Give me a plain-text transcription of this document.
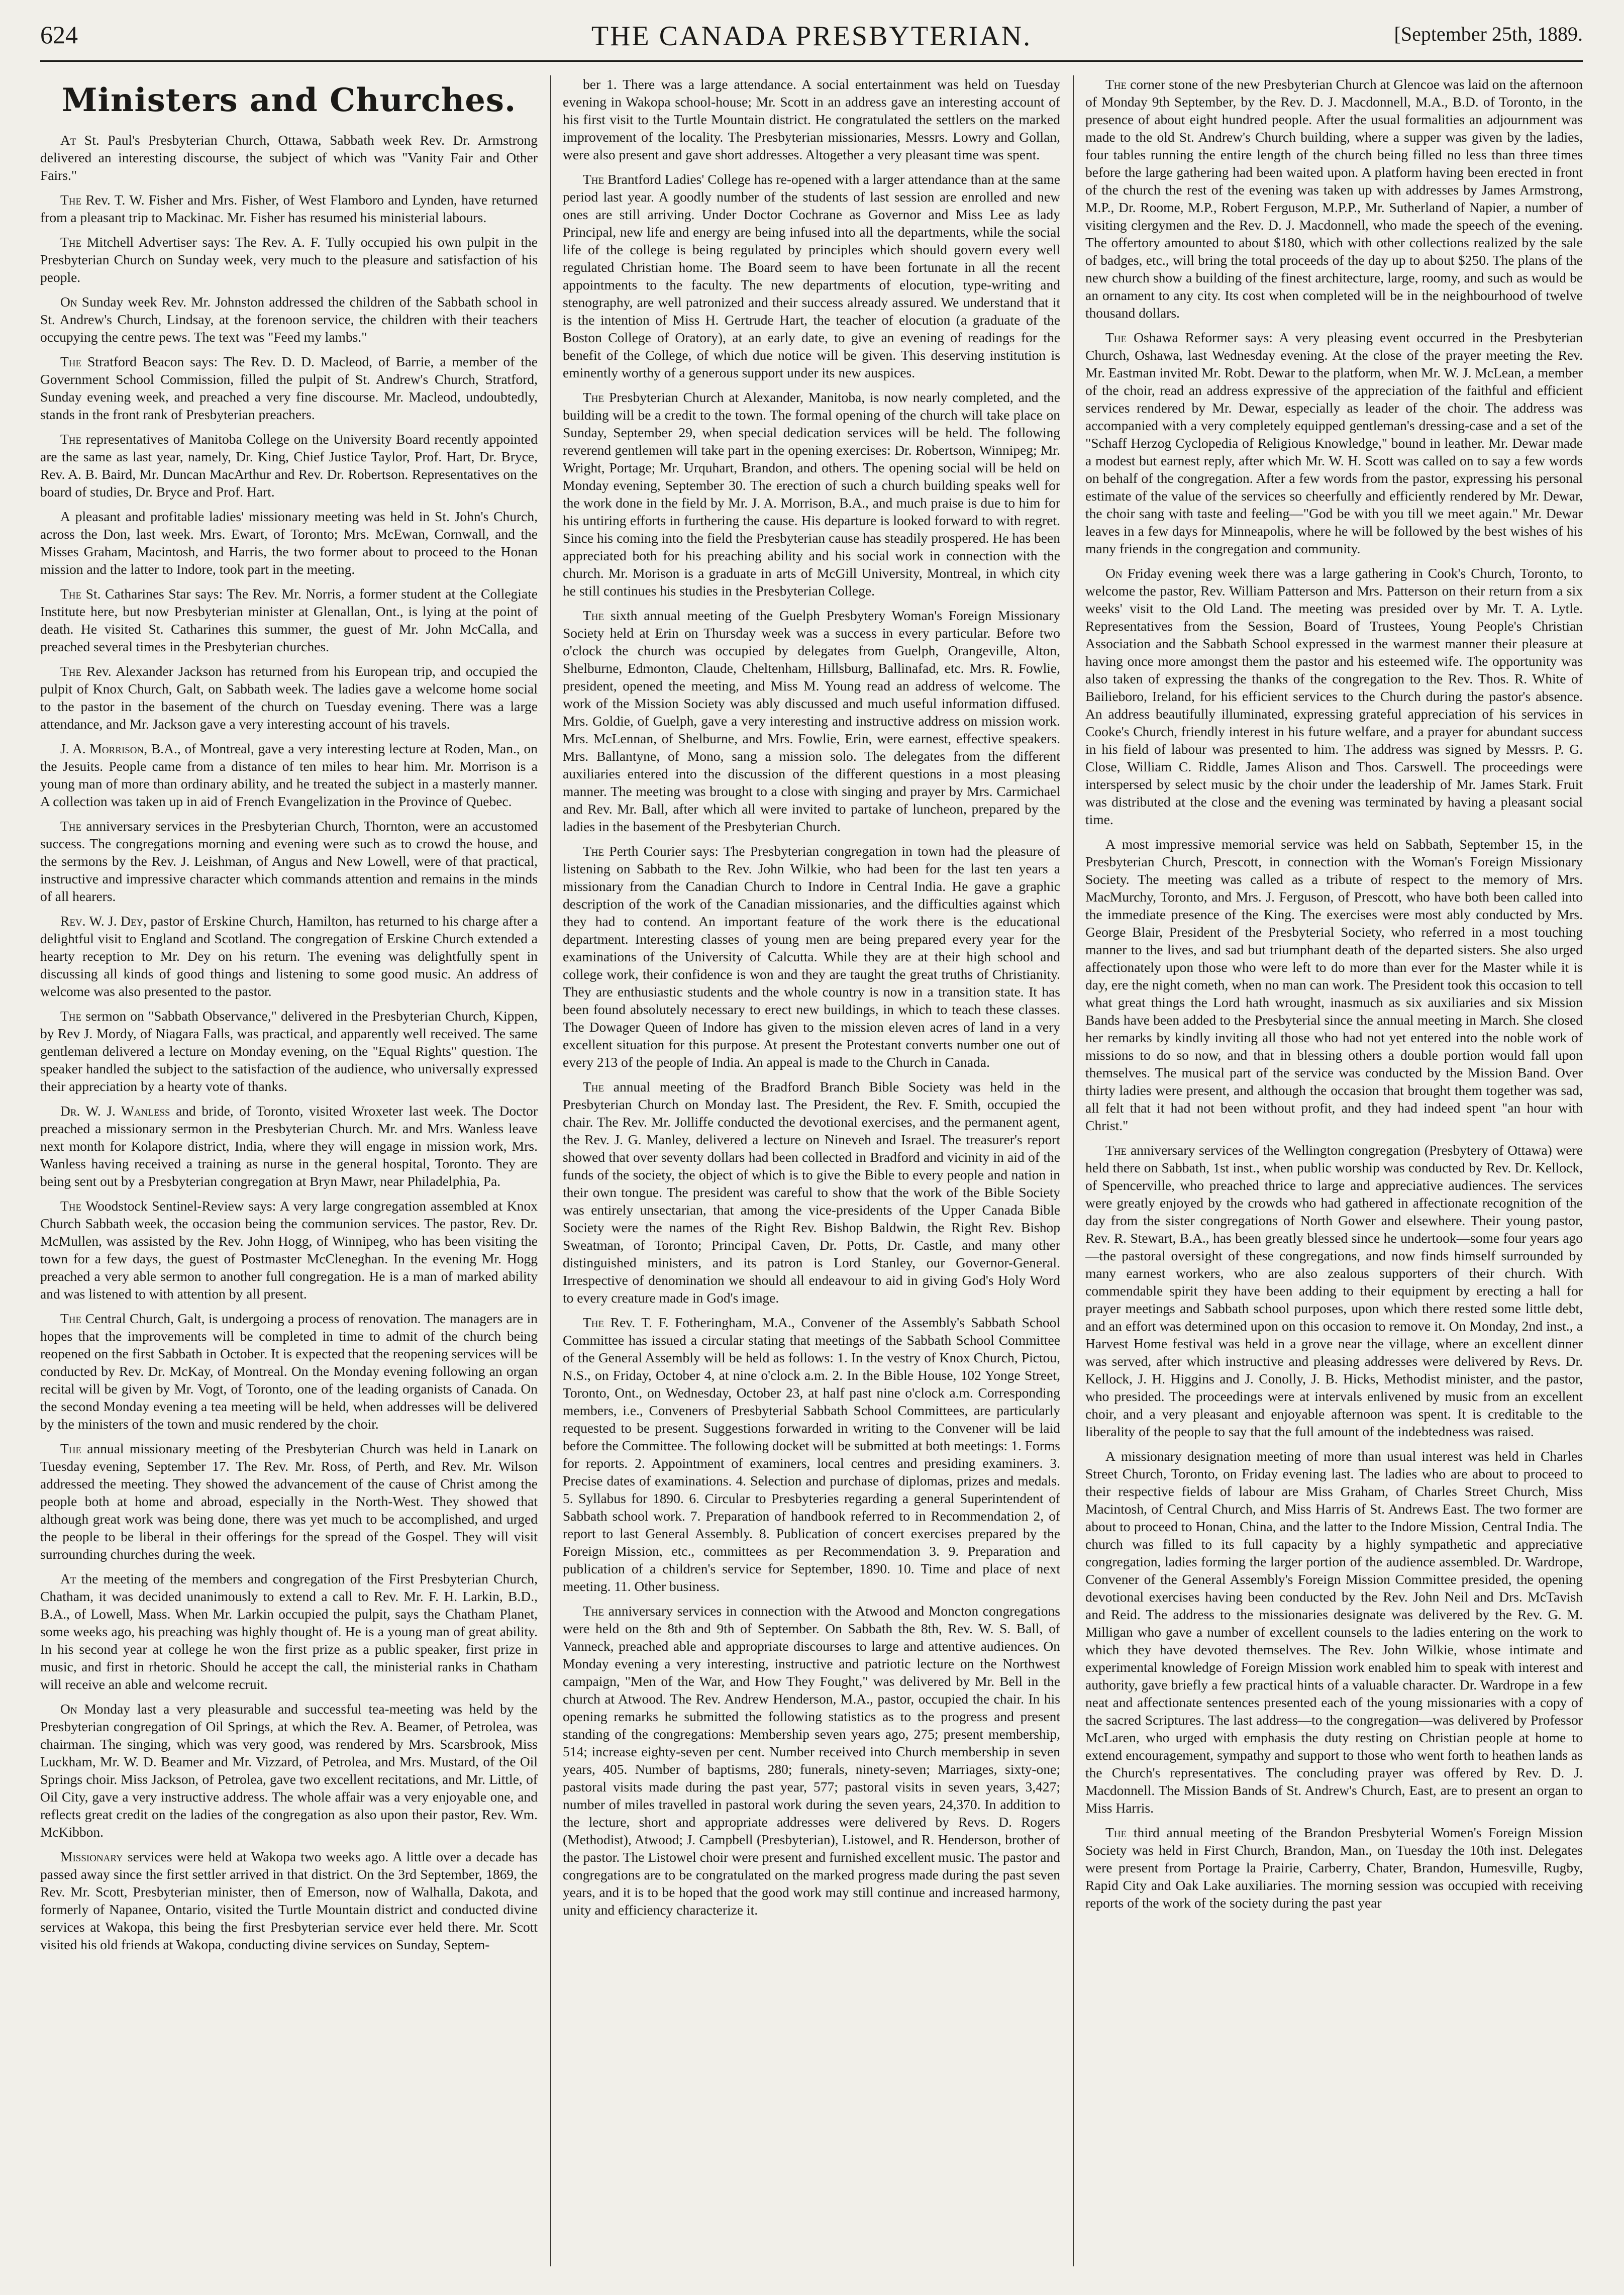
624	THE CANADA PRESBYTERIAN.	[September 25th, 1889.
Ministers and Churches.

At St. Paul's Presbyterian Church, Ottawa, Sabbath week Rev. Dr. Armstrong delivered an interesting discourse, the subject of which was "Vanity Fair and Other Fairs."

The Rev. T. W. Fisher and Mrs. Fisher, of West Flamboro and Lynden, have returned from a pleasant trip to Mackinac. Mr. Fisher has resumed his ministerial labours.

The Mitchell Advertiser says: The Rev. A. F. Tully occupied his own pulpit in the Presbyterian Church on Sunday week, very much to the pleasure and satisfaction of his people.

On Sunday week Rev. Mr. Johnston addressed the children of the Sabbath school in St. Andrew's Church, Lindsay, at the forenoon service, the children with their teachers occupying the centre pews. The text was "Feed my lambs."

The Stratford Beacon says: The Rev. D. D. Macleod, of Barrie, a member of the Government School Commission, filled the pulpit of St. Andrew's Church, Stratford, Sunday evening week, and preached a very fine discourse. Mr. Macleod, undoubtedly, stands in the front rank of Presbyterian preachers.

The representatives of Manitoba College on the University Board recently appointed are the same as last year, namely, Dr. King, Chief Justice Taylor, Prof. Hart, Dr. Bryce, Rev. A. B. Baird, Mr. Duncan MacArthur and Rev. Dr. Robertson. Representatives on the board of studies, Dr. Bryce and Prof. Hart.

A pleasant and profitable ladies' missionary meeting was held in St. John's Church, across the Don, last week. Mrs. Ewart, of Toronto; Mrs. McEwan, Cornwall, and the Misses Graham, Macintosh, and Harris, the two former about to proceed to the Honan mission and the latter to Indore, took part in the meeting.

The St. Catharines Star says: The Rev. Mr. Norris, a former student at the Collegiate Institute here, but now Presbyterian minister at Glenallan, Ont., is lying at the point of death. He visited St. Catharines this summer, the guest of Mr. John McCalla, and preached several times in the Presbyterian churches.

The Rev. Alexander Jackson has returned from his European trip, and occupied the pulpit of Knox Church, Galt, on Sabbath week. The ladies gave a welcome home social to the pastor in the basement of the church on Tuesday evening. There was a large attendance, and Mr. Jackson gave a very interesting account of his travels.

J. A. Morrison, B.A., of Montreal, gave a very interesting lecture at Roden, Man., on the Jesuits. People came from a distance of ten miles to hear him. Mr. Morrison is a young man of more than ordinary ability, and he treated the subject in a masterly manner. A collection was taken up in aid of French Evangelization in the Province of Quebec.

The anniversary services in the Presbyterian Church, Thornton, were an accustomed success. The congregations morning and evening were such as to crowd the house, and the sermons by the Rev. J. Leishman, of Angus and New Lowell, were of that practical, instructive and impressive character which commands attention and remains in the minds of all hearers.

Rev. W. J. Dey, pastor of Erskine Church, Hamilton, has returned to his charge after a delightful visit to England and Scotland. The congregation of Erskine Church extended a hearty reception to Mr. Dey on his return. The evening was delightfully spent in discussing all kinds of good things and listening to some good music. An address of welcome was also presented to the pastor.

The sermon on "Sabbath Observance," delivered in the Presbyterian Church, Kippen, by Rev J. Mordy, of Niagara Falls, was practical, and apparently well received. The same gentleman delivered a lecture on Monday evening, on the "Equal Rights" question. The speaker handled the subject to the satisfaction of the audience, who universally expressed their appreciation by a hearty vote of thanks.

Dr. W. J. Wanless and bride, of Toronto, visited Wroxeter last week. The Doctor preached a missionary sermon in the Presbyterian Church. Mr. and Mrs. Wanless leave next month for Kolapore district, India, where they will engage in mission work, Mrs. Wanless having received a training as nurse in the general hospital, Toronto. They are being sent out by a Presbyterian congregation at Bryn Mawr, near Philadelphia, Pa.

The Woodstock Sentinel-Review says: A very large congregation assembled at Knox Church Sabbath week, the occasion being the communion services. The pastor, Rev. Dr. McMullen, was assisted by the Rev. John Hogg, of Winnipeg, who has been visiting the town for a few days, the guest of Postmaster McCleneghan. In the evening Mr. Hogg preached a very able sermon to another full congregation. He is a man of marked ability and was listened to with attention by all present.

The Central Church, Galt, is undergoing a process of renovation. The managers are in hopes that the improvements will be completed in time to admit of the church being reopened on the first Sabbath in October. It is expected that the reopening services will be conducted by Rev. Dr. McKay, of Montreal. On the Monday evening following an organ recital will be given by Mr. Vogt, of Toronto, one of the leading organists of Canada. On the second Monday evening a tea meeting will be held, when addresses will be delivered by the ministers of the town and music rendered by the choir.

The annual missionary meeting of the Presbyterian Church was held in Lanark on Tuesday evening, September 17. The Rev. Mr. Ross, of Perth, and Rev. Mr. Wilson addressed the meeting. They showed the advancement of the cause of Christ among the people both at home and abroad, especially in the North-West. They showed that although great work was being done, there was yet much to be accomplished, and urged the people to be liberal in their offerings for the spread of the Gospel. They will visit surrounding churches during the week.

At the meeting of the members and congregation of the First Presbyterian Church, Chatham, it was decided unanimously to extend a call to Rev. Mr. F. H. Larkin, B.D., B.A., of Lowell, Mass. When Mr. Larkin occupied the pulpit, says the Chatham Planet, some weeks ago, his preaching was highly thought of. He is a young man of great ability. In his second year at college he won the first prize as a public speaker, first prize in music, and first in rhetoric. Should he accept the call, the ministerial ranks in Chatham will receive an able and welcome recruit.

On Monday last a very pleasurable and successful tea-meeting was held by the Presbyterian congregation of Oil Springs, at which the Rev. A. Beamer, of Petrolea, was chairman. The singing, which was very good, was rendered by Mrs. Scarsbrook, Miss Luckham, Mr. W. D. Beamer and Mr. Vizzard, of Petrolea, and Mrs. Mustard, of the Oil Springs choir. Miss Jackson, of Petrolea, gave two excellent recitations, and Mr. Little, of Oil City, gave a very instructive address. The whole affair was a very enjoyable one, and reflects great credit on the ladies of the congregation as also upon their pastor, Rev. Wm. McKibbon.

Missionary services were held at Wakopa two weeks ago. A little over a decade has passed away since the first settler arrived in that district. On the 3rd September, 1869, the Rev. Mr. Scott, Presbyterian minister, then of Emerson, now of Walhalla, Dakota, and formerly of Napanee, Ontario, visited the Turtle Mountain district and conducted divine services at Wakopa, this being the first Presbyterian service ever held there. Mr. Scott visited his old friends at Wakopa, conducting divine services on Sunday, Septem-

ber 1. There was a large attendance. A social entertainment was held on Tuesday evening in Wakopa school-house; Mr. Scott in an address gave an interesting account of his first visit to the Turtle Mountain district. He congratulated the settlers on the marked improvement of the locality. The Presbyterian missionaries, Messrs. Lowry and Gollan, were also present and gave short addresses. Altogether a very pleasant time was spent.

The Brantford Ladies' College has re-opened with a larger attendance than at the same period last year. A goodly number of the students of last session are enrolled and new ones are still arriving. Under Doctor Cochrane as Governor and Miss Lee as lady Principal, new life and energy are being infused into all the departments, while the social life of the college is being regulated by principles which should govern every well regulated Christian home. The Board seem to have been fortunate in all the recent appointments to the faculty. The new departments of elocution, type-writing and stenography, are well patronized and their success already assured. We understand that it is the intention of Miss H. Gertrude Hart, the teacher of elocution (a graduate of the Boston College of Oratory), at an early date, to give an evening of readings for the benefit of the College, of which due notice will be given. This deserving institution is eminently worthy of a generous support under its new auspices.

The Presbyterian Church at Alexander, Manitoba, is now nearly completed, and the building will be a credit to the town. The formal opening of the church will take place on Sunday, September 29, when special dedication services will be held. The following reverend gentlemen will take part in the opening exercises: Dr. Robertson, Winnipeg; Mr. Wright, Portage; Mr. Urquhart, Brandon, and others. The opening social will be held on Monday evening, September 30. The erection of such a church building speaks well for the work done in the field by Mr. J. A. Morrison, B.A., and much praise is due to him for his untiring efforts in furthering the cause. His departure is looked forward to with regret. Since his coming into the field the Presbyterian cause has steadily prospered. He has been appreciated both for his preaching ability and his social work in connection with the church. Mr. Morison is a graduate in arts of McGill University, Montreal, in which city he still continues his studies in the Presbyterian College.

The sixth annual meeting of the Guelph Presbytery Woman's Foreign Missionary Society held at Erin on Thursday week was a success in every particular. Before two o'clock the church was occupied by delegates from Guelph, Orangeville, Alton, Shelburne, Edmonton, Claude, Cheltenham, Hillsburg, Ballinafad, etc. Mrs. R. Fowlie, president, opened the meeting, and Miss M. Young read an address of welcome. The work of the Mission Society was ably discussed and much useful information diffused. Mrs. Goldie, of Guelph, gave a very interesting and instructive address on mission work. Mrs. McLennan, of Shelburne, and Mrs. Fowlie, Erin, were earnest, effective speakers. Mrs. Ballantyne, of Mono, sang a mission solo. The delegates from the different auxiliaries entered into the discussion of the different questions in a most pleasing manner. The meeting was brought to a close with singing and prayer by Mrs. Carmichael and Rev. Mr. Ball, after which all were invited to partake of luncheon, prepared by the ladies in the basement of the Presbyterian Church.

The Perth Courier says: The Presbyterian congregation in town had the pleasure of listening on Sabbath to the Rev. John Wilkie, who had been for the last ten years a missionary from the Canadian Church to Indore in Central India. He gave a graphic description of the work of the Canadian missionaries, and the difficulties against which they had to contend. An important feature of the work there is the educational department. Interesting classes of young men are being prepared every year for the examinations of the University of Calcutta. While they are at their high school and college work, their confidence is won and they are taught the great truths of Christianity. They are enthusiastic students and the whole country is now in a transition state. It has been found absolutely necessary to erect new buildings, in which to teach these classes. The Dowager Queen of Indore has given to the mission eleven acres of land in a very excellent situation for this purpose. At present the Protestant converts number one out of every 213 of the people of India. An appeal is made to the Church in Canada.

The annual meeting of the Bradford Branch Bible Society was held in the Presbyterian Church on Monday last. The President, the Rev. F. Smith, occupied the chair. The Rev. Mr. Jolliffe conducted the devotional exercises, and the permanent agent, the Rev. J. G. Manley, delivered a lecture on Nineveh and Israel. The treasurer's report showed that over seventy dollars had been collected in Bradford and vicinity in aid of the funds of the society, the object of which is to give the Bible to every people and nation in their own tongue. The president was careful to show that the work of the Bible Society was entirely unsectarian, that among the vice-presidents of the Upper Canada Bible Society were the names of the Right Rev. Bishop Baldwin, the Right Rev. Bishop Sweatman, of Toronto; Principal Caven, Dr. Potts, Dr. Castle, and many other distinguished ministers, and its patron is Lord Stanley, our Governor-General. Irrespective of denomination we should all endeavour to aid in giving God's Holy Word to every creature made in God's image.

The Rev. T. F. Fotheringham, M.A., Convener of the Assembly's Sabbath School Committee has issued a circular stating that meetings of the Sabbath School Committee of the General Assembly will be held as follows: 1. In the vestry of Knox Church, Pictou, N.S., on Friday, October 4, at nine o'clock a.m. 2. In the Bible House, 102 Yonge Street, Toronto, Ont., on Wednesday, October 23, at half past nine o'clock a.m. Corresponding members, i.e., Conveners of Presbyterial Sabbath School Committees, are particularly requested to be present. Suggestions forwarded in writing to the Convener will be laid before the Committee. The following docket will be submitted at both meetings: 1. Forms for reports. 2. Appointment of examiners, local centres and presiding examiners. 3. Precise dates of examinations. 4. Selection and purchase of diplomas, prizes and medals. 5. Syllabus for 1890. 6. Circular to Presbyteries regarding a general Superintendent of Sabbath school work. 7. Preparation of handbook referred to in Recommendation 2, of report to last General Assembly. 8. Publication of concert exercises prepared by the Foreign Mission, etc., committees as per Recommendation 3. 9. Preparation and publication of a children's service for September, 1890. 10. Time and place of next meeting. 11. Other business.

The anniversary services in connection with the Atwood and Moncton congregations were held on the 8th and 9th of September. On Sabbath the 8th, Rev. W. S. Ball, of Vanneck, preached able and appropriate discourses to large and attentive audiences. On Monday evening a very interesting, instructive and patriotic lecture on the Northwest campaign, "Men of the War, and How They Fought," was delivered by Mr. Bell in the church at Atwood. The Rev. Andrew Henderson, M.A., pastor, occupied the chair. In his opening remarks he submitted the following statistics as to the progress and present standing of the congregations: Membership seven years ago, 275; present membership, 514; increase eighty-seven per cent. Number received into Church membership in seven years, 405. Number of baptisms, 280; funerals, ninety-seven; Marriages, sixty-one; pastoral visits made during the past year, 577; pastoral visits in seven years, 3,427; number of miles travelled in pastoral work during the seven years, 24,370. In addition to the lecture, short and appropriate addresses were delivered by Revs. D. Rogers (Methodist), Atwood; J. Campbell (Presbyterian), Listowel, and R. Henderson, brother of the pastor. The Listowel choir were present and furnished excellent music. The pastor and congregations are to be congratulated on the marked progress made during the past seven years, and it is to be hoped that the good work may still continue and increased harmony, unity and efficiency characterize it.

The corner stone of the new Presbyterian Church at Glencoe was laid on the afternoon of Monday 9th September, by the Rev. D. J. Macdonnell, M.A., B.D. of Toronto, in the presence of about eight hundred people. After the usual formalities an adjournment was made to the old St. Andrew's Church building, where a supper was given by the ladies, four tables running the entire length of the church being filled no less than three times before the large gathering had been waited upon. A platform having been erected in front of the church the rest of the evening was taken up with addresses by James Armstrong, M.P., Dr. Roome, M.P., Robert Ferguson, M.P.P., Mr. Sutherland of Napier, a number of visiting clergymen and the Rev. D. J. Macdonnell, who made the speech of the evening. The offertory amounted to about $180, which with other collections realized by the sale of badges, etc., will bring the total proceeds of the day up to about $250. The plans of the new church show a building of the finest architecture, large, roomy, and such as would be an ornament to any city. Its cost when completed will be in the neighbourhood of twelve thousand dollars.

The Oshawa Reformer says: A very pleasing event occurred in the Presbyterian Church, Oshawa, last Wednesday evening. At the close of the prayer meeting the Rev. Mr. Eastman invited Mr. Robt. Dewar to the platform, when Mr. W. J. McLean, a member of the choir, read an address expressive of the appreciation of the faithful and efficient services rendered by Mr. Dewar, especially as leader of the choir. The address was accompanied with a very completely equipped gentleman's dressing-case and a set of the "Schaff Herzog Cyclopedia of Religious Knowledge," bound in leather. Mr. Dewar made a modest but earnest reply, after which Mr. W. H. Scott was called on to say a few words on behalf of the congregation. After a few words from the pastor, expressing his personal estimate of the value of the services so cheerfully and efficiently rendered by Mr. Dewar, the choir sang with taste and feeling—"God be with you till we meet again." Mr. Dewar leaves in a few days for Minneapolis, where he will be followed by the best wishes of his many friends in the congregation and community.

On Friday evening week there was a large gathering in Cook's Church, Toronto, to welcome the pastor, Rev. William Patterson and Mrs. Patterson on their return from a six weeks' visit to the Old Land. The meeting was presided over by Mr. T. A. Lytle. Representatives from the Session, Board of Trustees, Young People's Christian Association and the Sabbath School expressed in the warmest manner their pleasure at having once more amongst them the pastor and his esteemed wife. The opportunity was also taken of expressing the thanks of the congregation to the Rev. Thos. R. White of Bailieboro, Ireland, for his efficient services to the Church during the pastor's absence. An address beautifully illuminated, expressing grateful appreciation of his services in Cooke's Church, friendly interest in his future welfare, and a prayer for abundant success in his field of labour was presented to him. The address was signed by Messrs. P. G. Close, William C. Riddle, James Alison and Thos. Carswell. The proceedings were interspersed by select music by the choir under the leadership of Mr. James Stark. Fruit was distributed at the close and the evening was terminated by having a pleasant social time.

A most impressive memorial service was held on Sabbath, September 15, in the Presbyterian Church, Prescott, in connection with the Woman's Foreign Missionary Society. The meeting was called as a tribute of respect to the memory of Mrs. MacMurchy, Toronto, and Mrs. J. Ferguson, of Prescott, who have both been called into the immediate presence of the King. The exercises were most ably conducted by Mrs. George Blair, President of the Presbyterial Society, who referred in a most touching manner to the lives, and sad but triumphant death of the departed sisters. She also urged affectionately upon those who were left to do more than ever for the Master while it is day, ere the night cometh, when no man can work. The President took this occasion to tell what great things the Lord hath wrought, inasmuch as six auxiliaries and six Mission Bands have been added to the Presbyterial since the annual meeting in March. She closed her remarks by kindly inviting all those who had not yet entered into the noble work of missions to do so now, and that in blessing others a double portion would fall upon themselves. The musical part of the service was conducted by the Mission Band. Over thirty ladies were present, and although the occasion that brought them together was sad, all felt that it had not been without profit, and they had indeed spent "an hour with Christ."

The anniversary services of the Wellington congregation (Presbytery of Ottawa) were held there on Sabbath, 1st inst., when public worship was conducted by Rev. Dr. Kellock, of Spencerville, who preached thrice to large and appreciative audiences. The services were greatly enjoyed by the crowds who had gathered in affectionate recognition of the day from the sister congregations of North Gower and elsewhere. Their young pastor, Rev. R. Stewart, B.A., has been greatly blessed since he undertook—some four years ago—the pastoral oversight of these congregations, and now finds himself surrounded by many earnest workers, who are also zealous supporters of their church. With commendable spirit they have been adding to their equipment by erecting a hall for prayer meetings and Sabbath school purposes, upon which there rested some little debt, and an effort was determined upon on this occasion to remove it. On Monday, 2nd inst., a Harvest Home festival was held in a grove near the village, where an excellent dinner was served, after which instructive and pleasing addresses were delivered by Revs. Dr. Kellock, J. H. Higgins and J. Conolly, J. B. Hicks, Methodist minister, and the pastor, who presided. The proceedings were at intervals enlivened by music from an excellent choir, and a very pleasant and enjoyable afternoon was spent. It is creditable to the liberality of the people to say that the full amount of the indebtedness was raised.

A missionary designation meeting of more than usual interest was held in Charles Street Church, Toronto, on Friday evening last. The ladies who are about to proceed to their respective fields of labour are Miss Graham, of Charles Street Church, Miss Macintosh, of Central Church, and Miss Harris of St. Andrews East. The two former are about to proceed to Honan, China, and the latter to the Indore Mission, Central India. The church was filled to its full capacity by a highly sympathetic and appreciative congregation, ladies forming the larger portion of the audience assembled. Dr. Wardrope, Convener of the General Assembly's Foreign Mission Committee presided, the opening devotional exercises having been conducted by the Rev. John Neil and Drs. McTavish and Reid. The address to the missionaries designate was delivered by the Rev. G. M. Milligan who gave a number of excellent counsels to the ladies entering on the work to which they have devoted themselves. The Rev. John Wilkie, whose intimate and experimental knowledge of Foreign Mission work enabled him to speak with interest and authority, gave briefly a few practical hints of a valuable character. Dr. Wardrope in a few neat and affectionate sentences presented each of the young missionaries with a copy of the sacred Scriptures. The last address—to the congregation—was delivered by Professor McLaren, who urged with emphasis the duty resting on Christian people at home to extend encouragement, sympathy and support to those who went forth to heathen lands as the Church's representatives. The concluding prayer was offered by Rev. D. J. Macdonnell. The Mission Bands of St. Andrew's Church, East, are to present an organ to Miss Harris.

The third annual meeting of the Brandon Presbyterial Women's Foreign Mission Society was held in First Church, Brandon, Man., on Tuesday the 10th inst. Delegates were present from Portage la Prairie, Carberry, Chater, Brandon, Humesville, Rugby, Rapid City and Oak Lake auxiliaries. The morning session was occupied with receiving reports of the work of the society during the past year
